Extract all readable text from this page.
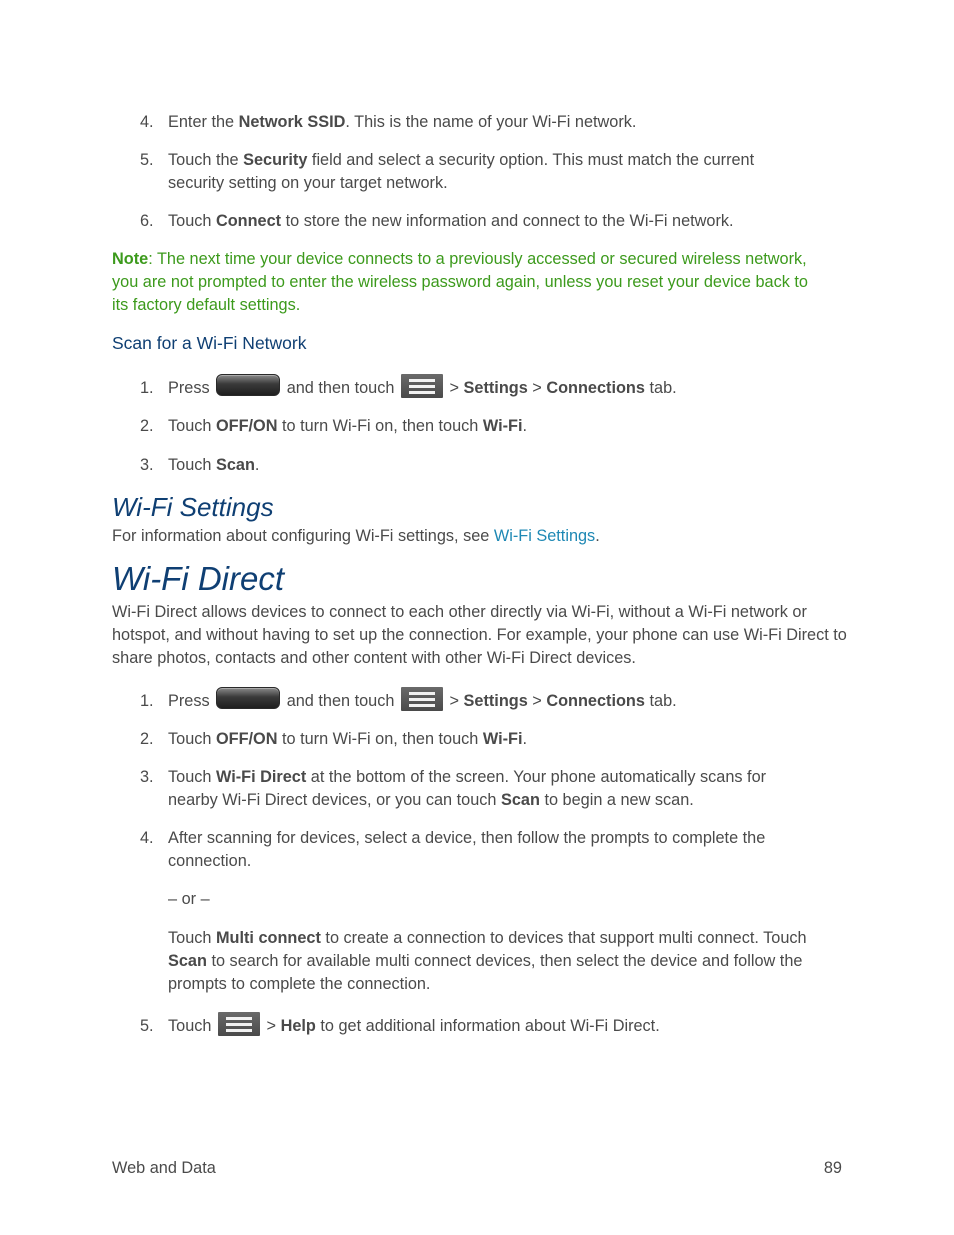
4. Enter the Network SSID. This is the name of your Wi-Fi network.
5. Touch the Security field and select a security option. This must match the current security setting on your target network.
6. Touch Connect to store the new information and connect to the Wi-Fi network.
Note: The next time your device connects to a previously accessed or secured wireless network, you are not prompted to enter the wireless password again, unless you reset your device back to its factory default settings.
Scan for a Wi-Fi Network
1. Press	and then touch	> Settings > Connections tab.
2. Touch OFF/ON to turn Wi-Fi on, then touch Wi-Fi.
3. Touch Scan.
Wi-Fi Settings
For information about configuring Wi-Fi settings, see Wi-Fi Settings.
Wi-Fi Direct
Wi-Fi Direct allows devices to connect to each other directly via Wi-Fi, without a Wi-Fi network or hotspot, and without having to set up the connection. For example, your phone can use Wi-Fi Direct to share photos, contacts and other content with other Wi-Fi Direct devices.
1. Press	and then touch	> Settings > Connections tab.
2. Touch OFF/ON to turn Wi-Fi on, then touch Wi-Fi.
3. Touch Wi-Fi Direct at the bottom of the screen. Your phone automatically scans for nearby Wi-Fi Direct devices, or you can touch Scan to begin a new scan.
4. After scanning for devices, select a device, then follow the prompts to complete the connection.
– or –
Touch Multi connect to create a connection to devices that support multi connect. Touch Scan to search for available multi connect devices, then select the device and follow the prompts to complete the connection.
5. Touch	> Help to get additional information about Wi-Fi Direct.
Web and Data	89
